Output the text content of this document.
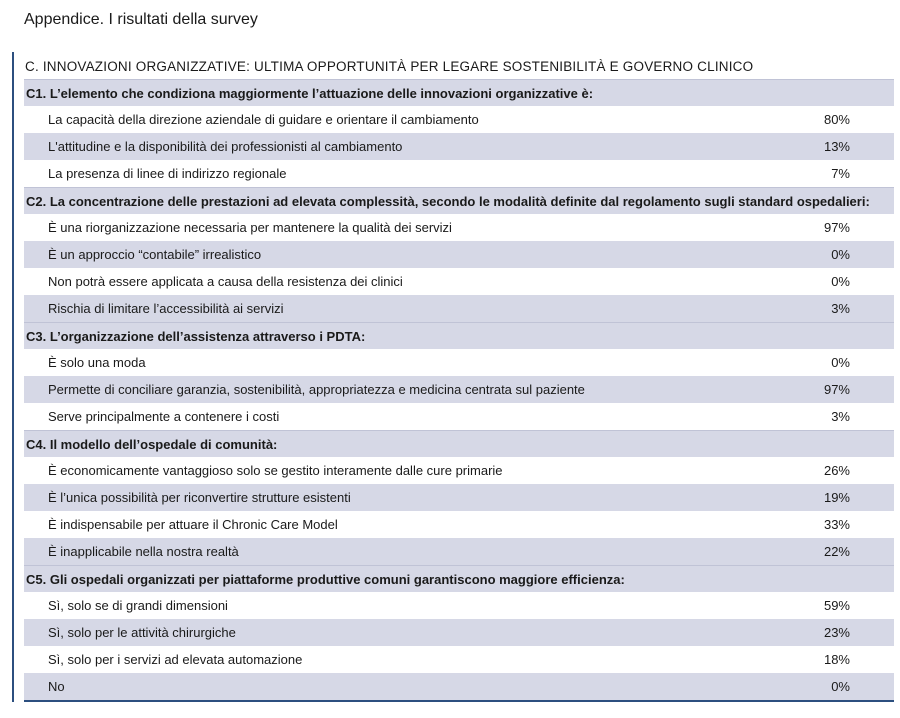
Appendice. I risultati della survey
C. INNOVAZIONI ORGANIZZATIVE: ULTIMA OPPORTUNITÀ PER LEGARE SOSTENIBILITÀ E GOVERNO CLINICO
C1. L’elemento che condiziona maggiormente l’attuazione delle innovazioni organizzative è:
La capacità della direzione aziendale di guidare e orientare il cambiamento	80%
L'attitudine e la disponibilità dei professionisti al cambiamento	13%
La presenza di linee di indirizzo regionale	7%
C2. La concentrazione delle prestazioni ad elevata complessità, secondo le modalità definite dal regolamento sugli standard ospedalieri:
È una riorganizzazione necessaria per mantenere la qualità dei servizi	97%
È un approccio “contabile” irrealistico	0%
Non potrà essere applicata a causa della resistenza dei clinici	0%
Rischia di limitare l’accessibilità ai servizi	3%
C3. L’organizzazione dell’assistenza attraverso i PDTA:
È solo una moda	0%
Permette di conciliare garanzia, sostenibilità, appropriatezza e medicina centrata sul paziente	97%
Serve principalmente a contenere i costi	3%
C4. Il modello dell’ospedale di comunità:
È economicamente vantaggioso solo se gestito interamente dalle cure primarie	26%
È l’unica possibilità per riconvertire strutture esistenti	19%
È indispensabile per attuare il Chronic Care Model	33%
È inapplicabile nella nostra realtà	22%
C5. Gli ospedali organizzati per piattaforme produttive comuni garantiscono maggiore efficienza:
Sì, solo se di grandi dimensioni	59%
Sì, solo per le attività chirurgiche	23%
Sì, solo per i servizi ad elevata automazione	18%
No	0%
